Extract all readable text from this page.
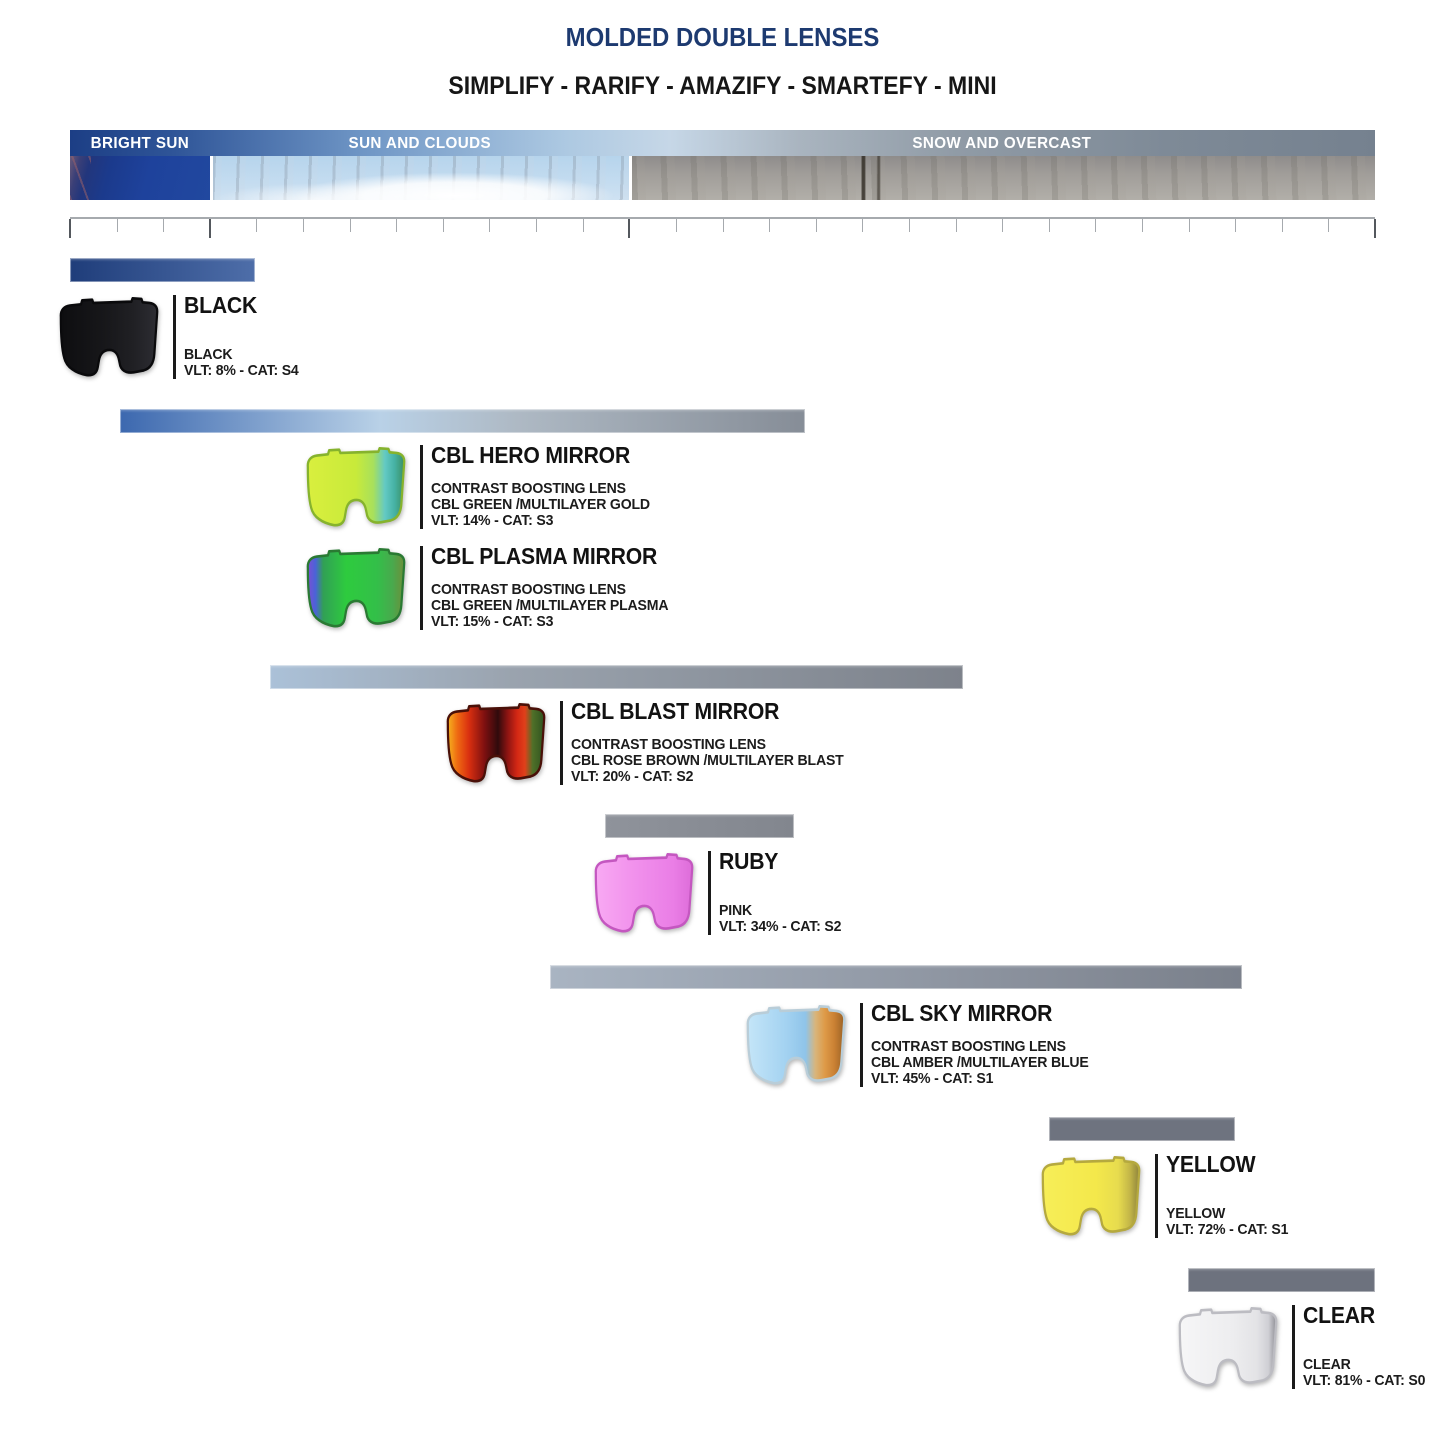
MOLDED DOUBLE LENSES
SIMPLIFY - RARIFY - AMAZIFY - SMARTEFY - MINI
BRIGHT SUN	SUN AND CLOUDS	SNOW AND OVERCAST
BLACK
BLACK
VLT: 8% - CAT: S4
CBL HERO MIRROR
CONTRAST BOOSTING LENS
CBL GREEN /MULTILAYER GOLD
VLT: 14% - CAT: S3
CBL PLASMA MIRROR
CONTRAST BOOSTING LENS
CBL GREEN /MULTILAYER PLASMA
VLT: 15% - CAT: S3
CBL BLAST MIRROR
CONTRAST BOOSTING LENS
CBL ROSE BROWN /MULTILAYER BLAST
VLT: 20% - CAT: S2
RUBY
PINK
VLT: 34% - CAT: S2
CBL SKY MIRROR
CONTRAST BOOSTING LENS
CBL AMBER /MULTILAYER BLUE
VLT: 45% - CAT: S1
YELLOW
YELLOW
VLT: 72% - CAT: S1
CLEAR
CLEAR
VLT: 81% - CAT: S0
